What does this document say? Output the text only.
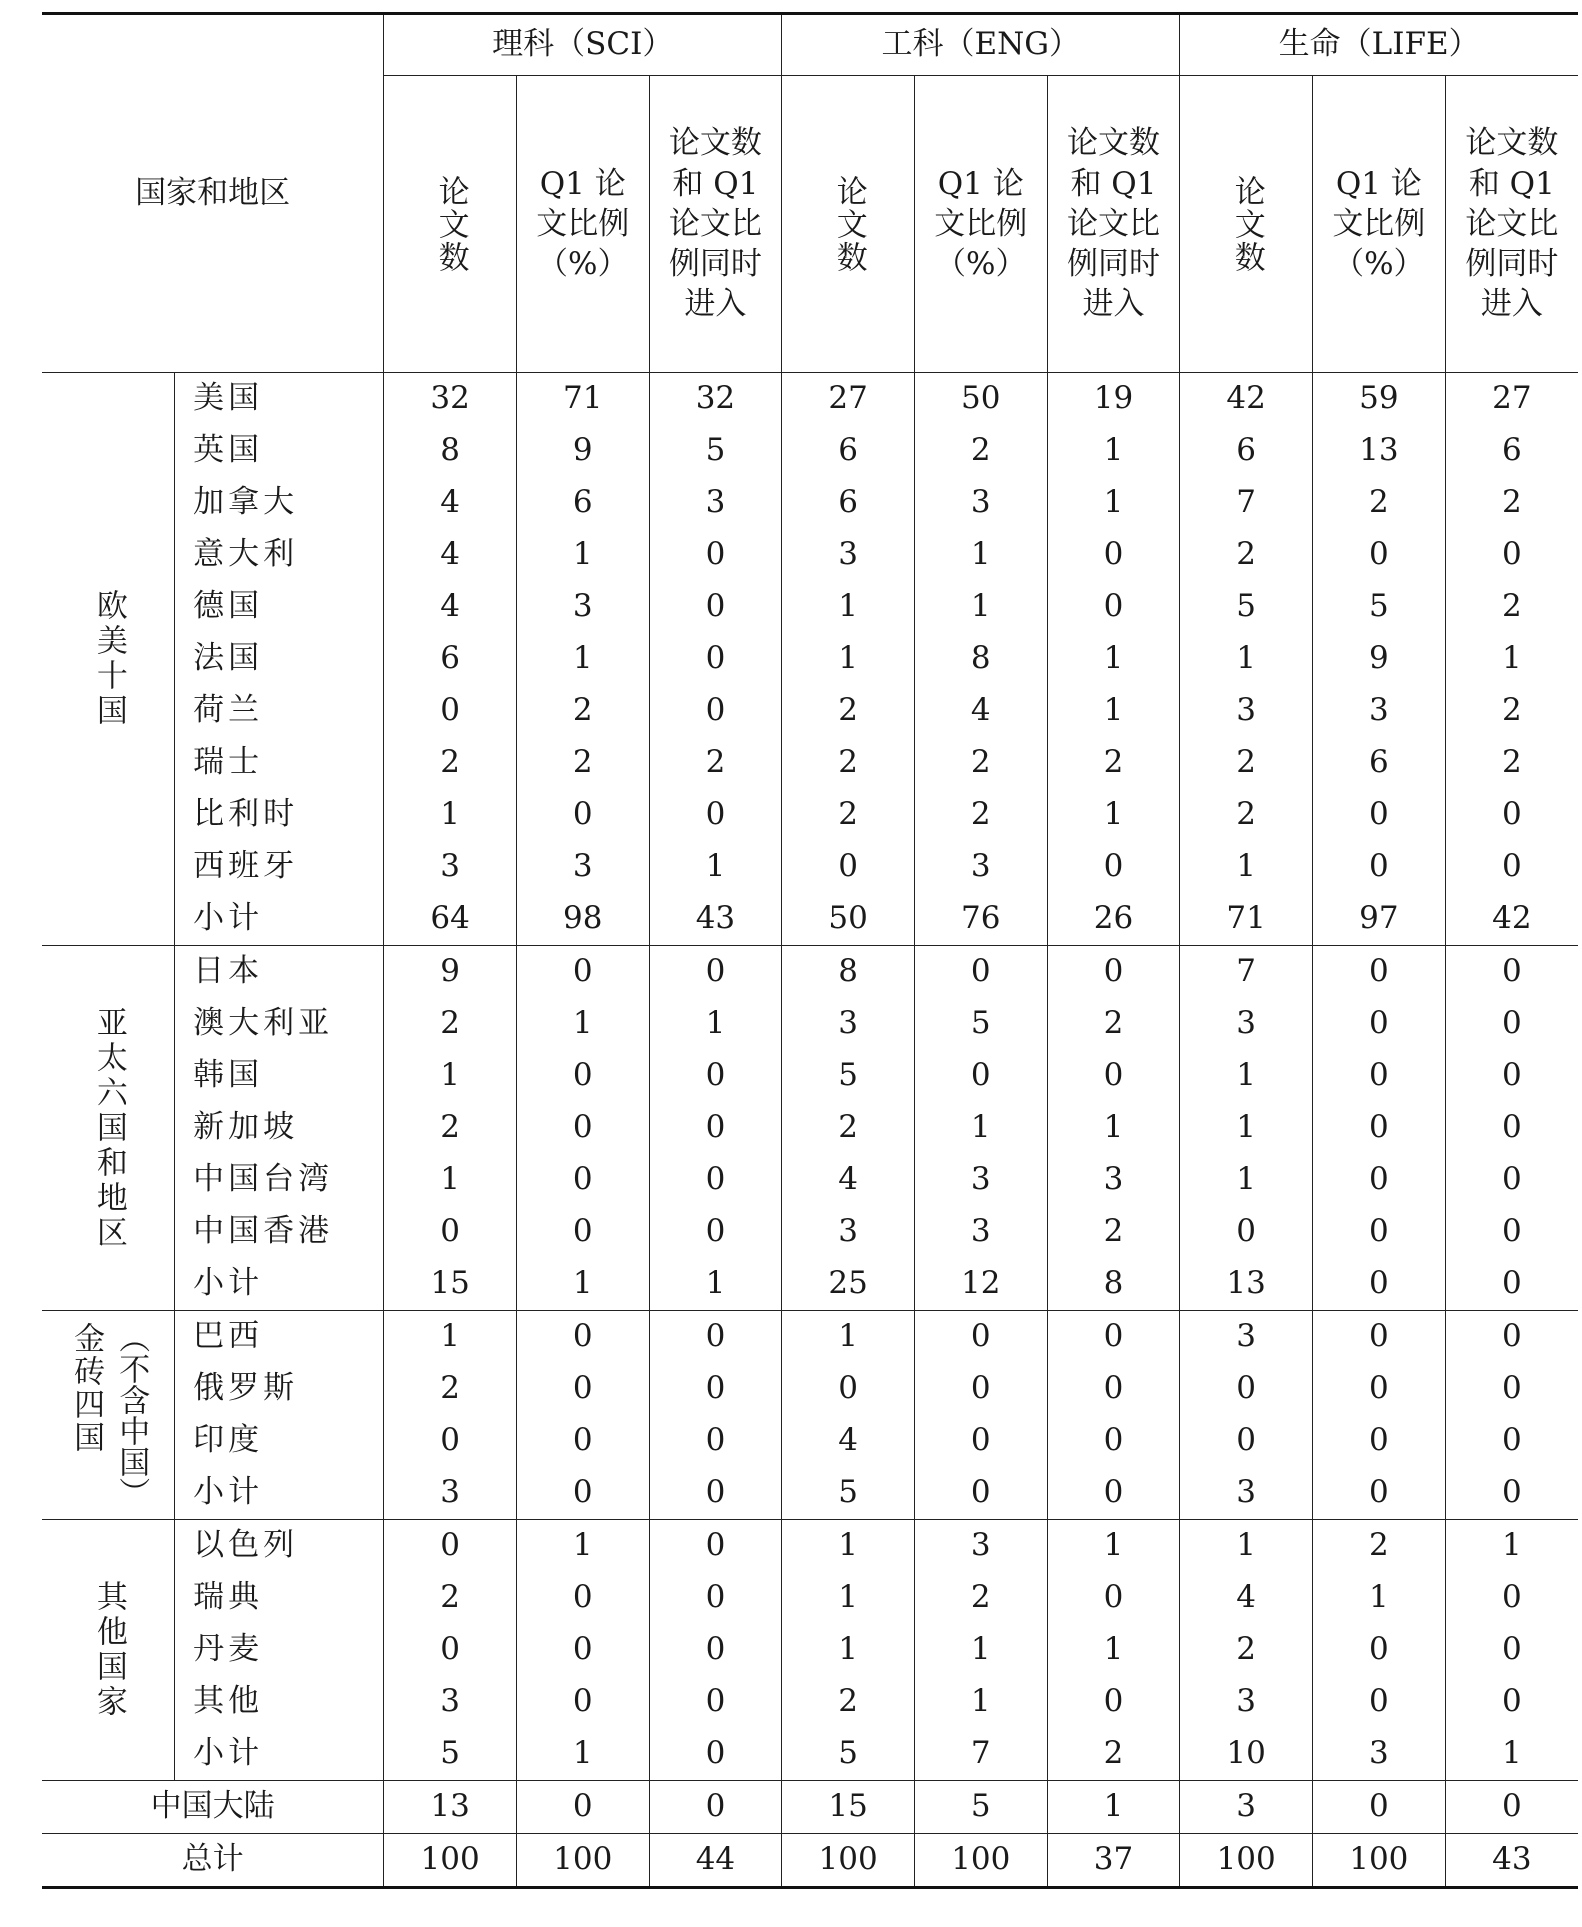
国家和地区		理科（SCI）			工科（ENG）			生命（LIFE）		

		论文数	Q1 论文比例（%）	论文数和 Q1 论文比例同时进入	论文数	Q1 论文比例（%）	论文数和 Q1 论文比例同时进入	论文数	Q1 论文比例（%）	论文数和 Q1 论文比例同时进入

欧美十国	美国	32	71	32	27	50	19	42	59	27
	英国	8	9	5	6	2	1	6	13	6
	加拿大	4	6	3	6	3	1	7	2	2
	意大利	4	1	0	3	1	0	2	0	0
	德国	4	3	0	1	1	0	5	5	2
	法国	6	1	0	1	8	1	1	9	1
	荷兰	0	2	0	2	4	1	3	3	2
	瑞士	2	2	2	2	2	2	2	6	2
	比利时	1	0	0	2	2	1	2	0	0
	西班牙	3	3	1	0	3	0	1	0	0
	小计	64	98	43	50	76	26	71	97	42

亚太六国和地区	日本	9	0	0	8	0	0	7	0	0
	澳大利亚	2	1	1	3	5	2	3	0	0
	韩国	1	0	0	5	0	0	1	0	0
	新加坡	2	0	0	2	1	1	1	0	0
	中国台湾	1	0	0	4	3	3	1	0	0
	中国香港	0	0	0	3	3	2	0	0	0
	小计	15	1	1	25	12	8	13	0	0

（不含中国）
金砖四国	巴西	1	0	0	1	0	0	3	0	0
	俄罗斯	2	0	0	0	0	0	0	0	0
	印度	0	0	0	4	0	0	0	0	0
	小计	3	0	0	5	0	0	3	0	0

其他国家	以色列	0	1	0	1	3	1	1	2	1
	瑞典	2	0	0	1	2	0	4	1	0
	丹麦	0	0	0	1	1	1	2	0	0
	其他	3	0	0	2	1	0	3	0	0
	小计	5	1	0	5	7	2	10	3	1
中国大陆		13	0	0	15	5	1	3	0	0
总计		100	100	44	100	100	37	100	100	43
